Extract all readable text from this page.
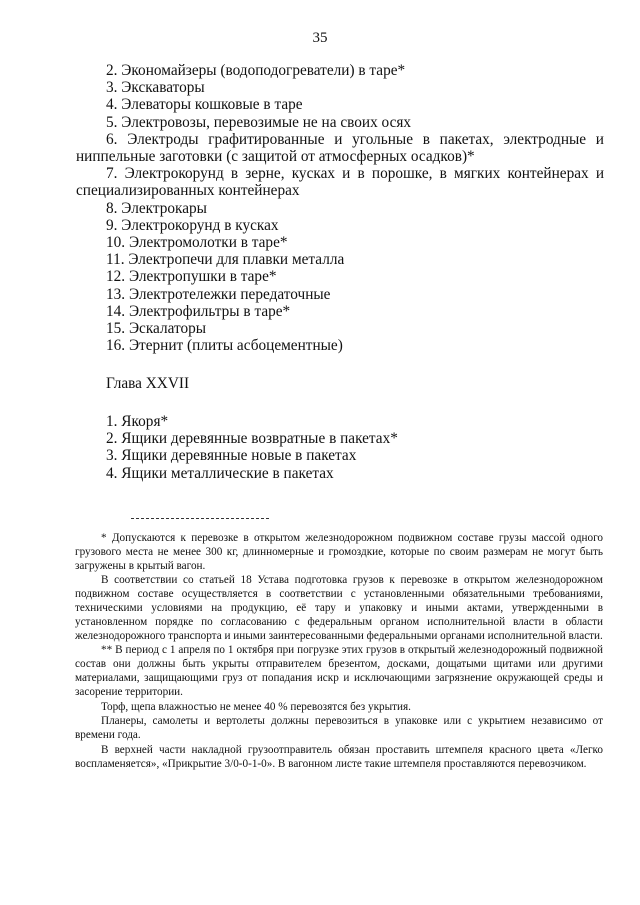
35

2. Экономайзеры (водоподогреватели) в таре*

3. Экскаваторы

4. Элеваторы кошковые в таре

5. Электровозы, перевозимые не на своих осях

6. Электроды графитированные и угольные в пакетах, электродные и ниппельные заготовки (с защитой от атмосферных осадков)*

7. Электрокорунд в зерне, кусках и в порошке, в мягких контейнерах и специализированных контейнерах

8. Электрокары

9. Электрокорунд в кусках

10. Электромолотки в таре*

11. Электропечи для плавки металла

12. Электропушки в таре*

13. Электротележки передаточные

14. Электрофильтры в таре*

15. Эскалаторы

16. Этернит (плиты асбоцементные)

Глава XXVII

1. Якоря*

2. Ящики деревянные возвратные в пакетах*

3. Ящики деревянные новые в пакетах

4. Ящики металлические в пакетах

* Допускаются к перевозке в открытом железнодорожном подвижном составе грузы массой одного грузового места не менее 300 кг, длинномерные и громоздкие, которые по своим размерам не могут быть загружены в крытый вагон.

В соответствии со статьей 18 Устава подготовка грузов к перевозке в открытом железнодорожном подвижном составе осуществляется в соответствии с установленными обязательными требованиями, техническими условиями на продукцию, её тару и упаковку и иными актами, утвержденными в установленном порядке по согласованию с федеральным органом исполнительной власти в области железнодорожного транспорта и иными заинтересованными федеральными органами исполнительной власти.

** В период с 1 апреля по 1 октября при погрузке этих грузов в открытый железнодорожный подвижной состав они должны быть укрыты отправителем брезентом, досками, дощатыми щитами или другими материалами, защищающими груз от попадания искр и исключающими загрязнение окружающей среды и засорение территории.

Торф, щепа влажностью не менее 40 % перевозятся без укрытия.

Планеры, самолеты и вертолеты должны перевозиться в упаковке или с укрытием независимо от времени года.

В верхней части накладной грузоотправитель обязан проставить штемпеля красного цвета «Легко воспламеняется», «Прикрытие 3/0-0-1-0». В вагонном листе такие штемпеля проставляются перевозчиком.
